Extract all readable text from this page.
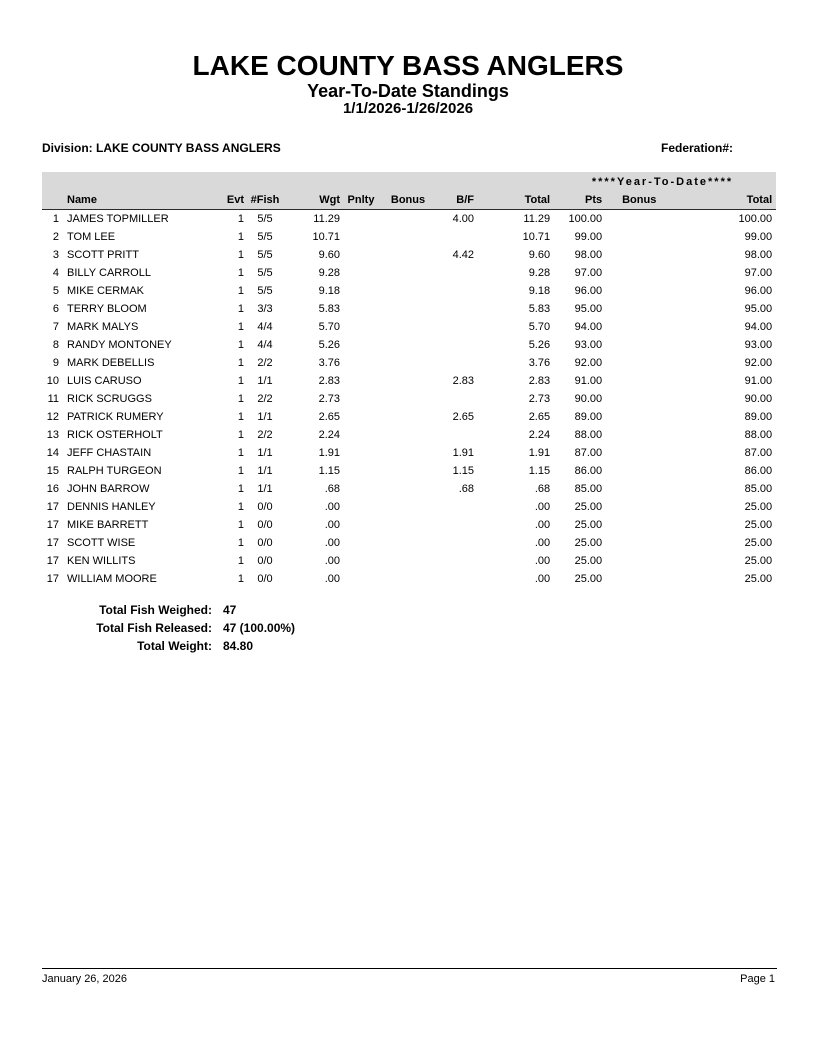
LAKE COUNTY BASS ANGLERS
Year-To-Date Standings
1/1/2026-1/26/2026
Division: LAKE COUNTY BASS ANGLERS	Federation#:
									****Year-To-Date****		
	Name	Evt	#Fish	Wgt	Pnlty	Bonus	B/F	Total	Pts	Bonus	Total
1	JAMES TOPMILLER	1	5/5	11.29			4.00	11.29	100.00		100.00
2	TOM LEE	1	5/5	10.71				10.71	99.00		99.00
3	SCOTT PRITT	1	5/5	9.60			4.42	9.60	98.00		98.00
4	BILLY CARROLL	1	5/5	9.28				9.28	97.00		97.00
5	MIKE CERMAK	1	5/5	9.18				9.18	96.00		96.00
6	TERRY BLOOM	1	3/3	5.83				5.83	95.00		95.00
7	MARK MALYS	1	4/4	5.70				5.70	94.00		94.00
8	RANDY MONTONEY	1	4/4	5.26				5.26	93.00		93.00
9	MARK DEBELLIS	1	2/2	3.76				3.76	92.00		92.00
10	LUIS CARUSO	1	1/1	2.83			2.83	2.83	91.00		91.00
11	RICK SCRUGGS	1	2/2	2.73				2.73	90.00		90.00
12	PATRICK RUMERY	1	1/1	2.65			2.65	2.65	89.00		89.00
13	RICK OSTERHOLT	1	2/2	2.24				2.24	88.00		88.00
14	JEFF CHASTAIN	1	1/1	1.91			1.91	1.91	87.00		87.00
15	RALPH TURGEON	1	1/1	1.15			1.15	1.15	86.00		86.00
16	JOHN BARROW	1	1/1	.68			.68	.68	85.00		85.00
17	DENNIS HANLEY	1	0/0	.00				.00	25.00		25.00
17	MIKE BARRETT	1	0/0	.00				.00	25.00		25.00
17	SCOTT WISE	1	0/0	.00				.00	25.00		25.00
17	KEN WILLITS	1	0/0	.00				.00	25.00		25.00
17	WILLIAM MOORE	1	0/0	.00				.00	25.00		25.00
Total Fish Weighed: 47
Total Fish Released: 47 (100.00%)
Total Weight: 84.80
January 26, 2026	Page 1
